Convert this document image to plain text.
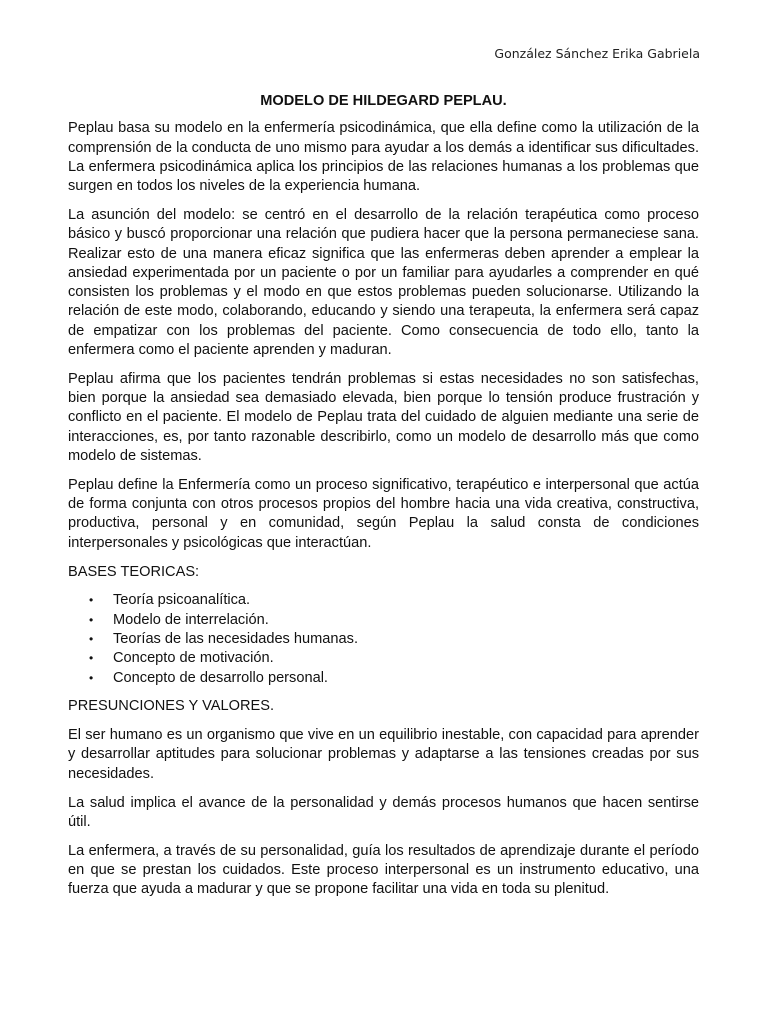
González Sánchez Erika Gabriela
MODELO DE HILDEGARD PEPLAU.

Peplau basa su modelo en la enfermería psicodinámica, que ella define como la utilización de la comprensión de la conducta de uno mismo para ayudar a los demás a identificar sus dificultades. La enfermera psicodinámica aplica los principios de las relaciones humanas a los problemas que surgen en todos los niveles de la experiencia humana.

La asunción del modelo: se centró en el desarrollo de la relación terapéutica como proceso básico y buscó proporcionar una relación que pudiera hacer que la persona permaneciese sana. Realizar esto de una manera eficaz significa que las enfermeras deben aprender a emplear la ansiedad experimentada por un paciente o por un familiar para ayudarles a comprender en qué consisten los problemas y el modo en que estos problemas pueden solucionarse. Utilizando la relación de este modo, colaborando, educando y siendo una terapeuta, la enfermera será capaz de empatizar con los problemas del paciente. Como consecuencia de todo ello, tanto la enfermera como el paciente aprenden y maduran.

Peplau afirma que los pacientes tendrán problemas si estas necesidades no son satisfechas, bien porque la ansiedad sea demasiado elevada, bien porque lo tensión produce frustración y conflicto en el paciente. El modelo de Peplau trata del cuidado de alguien mediante una serie de interacciones, es, por tanto razonable describirlo, como un modelo de desarrollo más que como modelo de sistemas.

Peplau define la Enfermería como un proceso significativo, terapéutico e interpersonal que actúa de forma conjunta con otros procesos propios del hombre hacia una vida creativa, constructiva, productiva, personal y en comunidad, según Peplau la salud consta de condiciones interpersonales y psicológicas que interactúan.

BASES TEORICAS:
• Teoría psicoanalítica.
• Modelo de interrelación.
• Teorías de las necesidades humanas.
• Concepto de motivación.
• Concepto de desarrollo personal.
PRESUNCIONES Y VALORES.

El ser humano es un organismo que vive en un equilibrio inestable, con capacidad para aprender y desarrollar aptitudes para solucionar problemas y adaptarse a las tensiones creadas por sus necesidades.

La salud implica el avance de la personalidad y demás procesos humanos que hacen sentirse útil.

La enfermera, a través de su personalidad, guía los resultados de aprendizaje durante el período en que se prestan los cuidados. Este proceso interpersonal es un instrumento educativo, una fuerza que ayuda a madurar y que se propone facilitar una vida en toda su plenitud.
